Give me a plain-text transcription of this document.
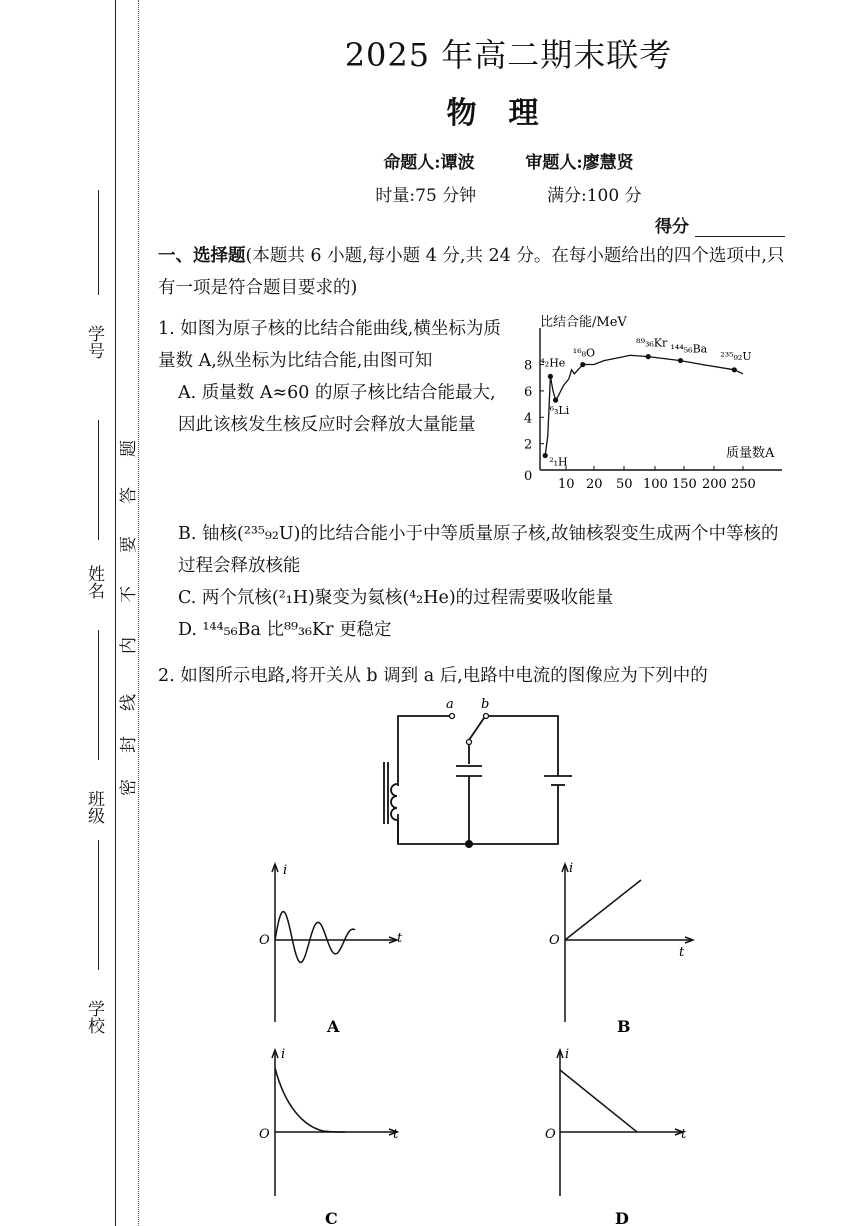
学号
姓名
班级
学校
密
封
线
内
不
要
答
题
2025 年高二期末联考
物理
命题人:谭波	审题人:廖慧贤
时量:75 分钟	满分:100 分
得分
一、选择题(本题共 6 小题,每小题 4 分,共 24 分。在每小题给出的四个选项中,只有一项是符合题目要求的)
1. 如图为原子核的比结合能曲线,横坐标为质量数 A,纵坐标为比结合能,由图可知
A. 质量数 A≈60 的原子核比结合能最大,因此该核发生核反应时会释放大量能量
B. 铀核(²³⁵₉₂U)的比结合能小于中等质量原子核,故铀核裂变生成两个中等核的过程会释放核能
C. 两个氘核(²₁H)聚变为氦核(⁴₂He)的过程需要吸收能量
D. ¹⁴⁴₅₆Ba 比⁸⁹₃₆Kr 更稳定
2
4
6
8
10 20 50 100 150 200 250
²₁H
⁴₂He
⁶₃Li
¹⁶₈O
⁸⁹₃₆Kr ¹⁴⁴₅₆Ba
²³⁵₉₂U
比结合能/MeV
质量数A
0
2. 如图所示电路,将开关从 b 调到 a 后,电路中电流的图像应为下列中的
a b
i
t
O
A
i
t
O
B
i
t
O
C
i
t
O
D
